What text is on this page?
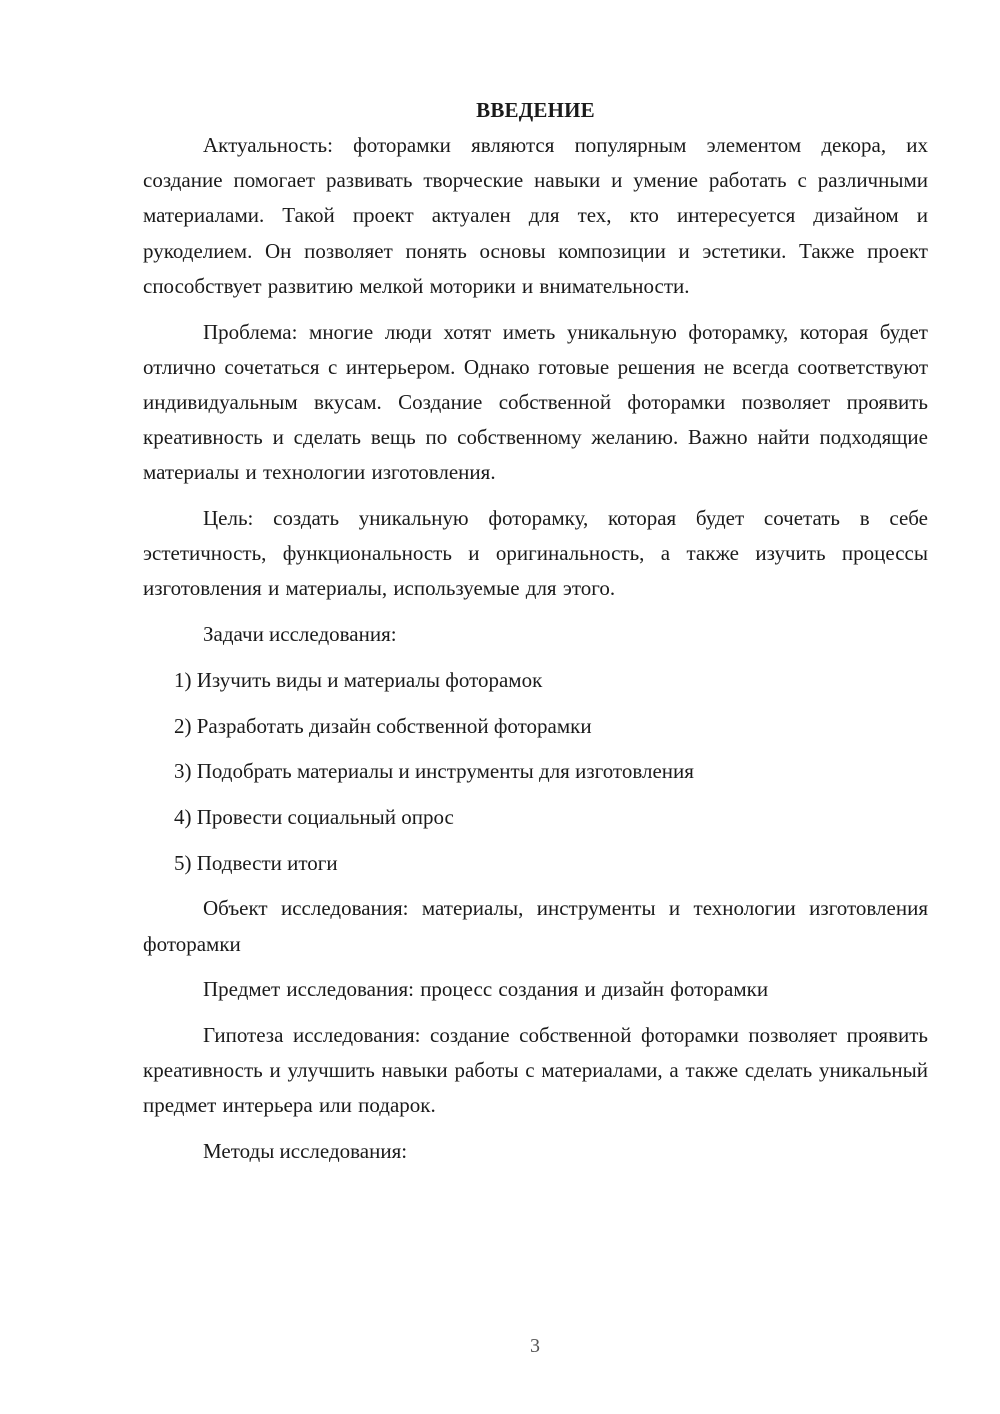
ВВЕДЕНИЕ

Актуальность: фоторамки являются популярным элементом декора, их создание помогает развивать творческие навыки и умение работать с различными материалами. Такой проект актуален для тех, кто интересуется дизайном и рукоделием. Он позволяет понять основы композиции и эстетики. Также проект способствует развитию мелкой моторики и внимательности.

Проблема: многие люди хотят иметь уникальную фоторамку, которая будет отлично сочетаться с интерьером. Однако готовые решения не всегда соответствуют индивидуальным вкусам. Создание собственной фоторамки позволяет проявить креативность и сделать вещь по собственному желанию. Важно найти подходящие материалы и технологии изготовления.

Цель: создать уникальную фоторамку, которая будет сочетать в себе эстетичность, функциональность и оригинальность, а также изучить процессы изготовления и материалы, используемые для этого.

Задачи исследования:

1) Изучить виды и материалы фоторамок

2) Разработать дизайн собственной фоторамки

3) Подобрать материалы и инструменты для изготовления

4) Провести социальный опрос

5) Подвести итоги

Объект исследования: материалы, инструменты и технологии изготовления фоторамки

Предмет исследования: процесс создания и дизайн фоторамки

Гипотеза исследования: создание собственной фоторамки позволяет проявить креативность и улучшить навыки работы с материалами, а также сделать уникальный предмет интерьера или подарок.

Методы исследования:

3
